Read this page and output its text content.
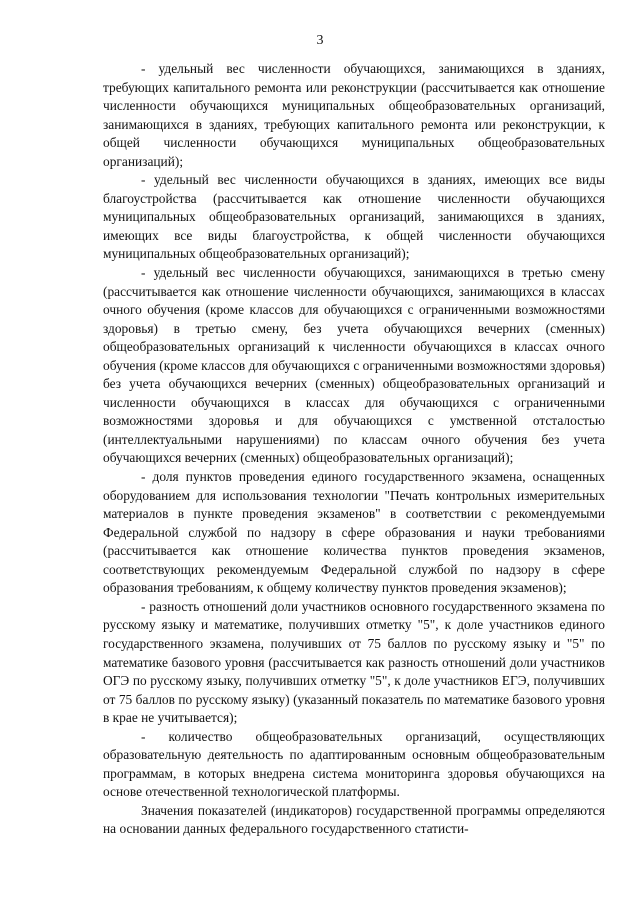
3

- удельный вес численности обучающихся, занимающихся в зданиях, требующих капитального ремонта или реконструкции (рассчитывается как отношение численности обучающихся муниципальных общеобразовательных организаций, занимающихся в зданиях, требующих капитального ремонта или реконструкции, к общей численности обучающихся муниципальных общеобразовательных организаций);

- удельный вес численности обучающихся в зданиях, имеющих все виды благоустройства (рассчитывается как отношение численности обучающихся муниципальных общеобразовательных организаций, занимающихся в зданиях, имеющих все виды благоустройства, к общей численности обучающихся муниципальных общеобразовательных организаций);

- удельный вес численности обучающихся, занимающихся в третью смену (рассчитывается как отношение численности обучающихся, занимающихся в классах очного обучения (кроме классов для обучающихся с ограниченными возможностями здоровья) в третью смену, без учета обучающихся вечерних (сменных) общеобразовательных организаций к численности обучающихся в классах очного обучения (кроме классов для обучающихся с ограниченными возможностями здоровья) без учета обучающихся вечерних (сменных) общеобразовательных организаций и численности обучающихся в классах для обучающихся с ограниченными возможностями здоровья и для обучающихся с умственной отсталостью (интеллектуальными нарушениями) по классам очного обучения без учета обучающихся вечерних (сменных) общеобразовательных организаций);

- доля пунктов проведения единого государственного экзамена, оснащенных оборудованием для использования технологии "Печать контрольных измерительных материалов в пункте проведения экзаменов" в соответствии с рекомендуемыми Федеральной службой по надзору в сфере образования и науки требованиями (рассчитывается как отношение количества пунктов проведения экзаменов, соответствующих рекомендуемым Федеральной службой по надзору в сфере образования требованиям, к общему количеству пунктов проведения экзаменов);

- разность отношений доли участников основного государственного экзамена по русскому языку и математике, получивших отметку "5", к доле участников единого государственного экзамена, получивших от 75 баллов по русскому языку и "5" по математике базового уровня (рассчитывается как разность отношений доли участников ОГЭ по русскому языку, получивших отметку "5", к доле участников ЕГЭ, получивших от 75 баллов по русскому языку) (указанный показатель по математике базового уровня в крае не учитывается);

- количество общеобразовательных организаций, осуществляющих образовательную деятельность по адаптированным основным общеобразовательным программам, в которых внедрена система мониторинга здоровья обучающихся на основе отечественной технологической платформы.

Значения показателей (индикаторов) государственной программы определяются на основании данных федерального государственного статисти-
